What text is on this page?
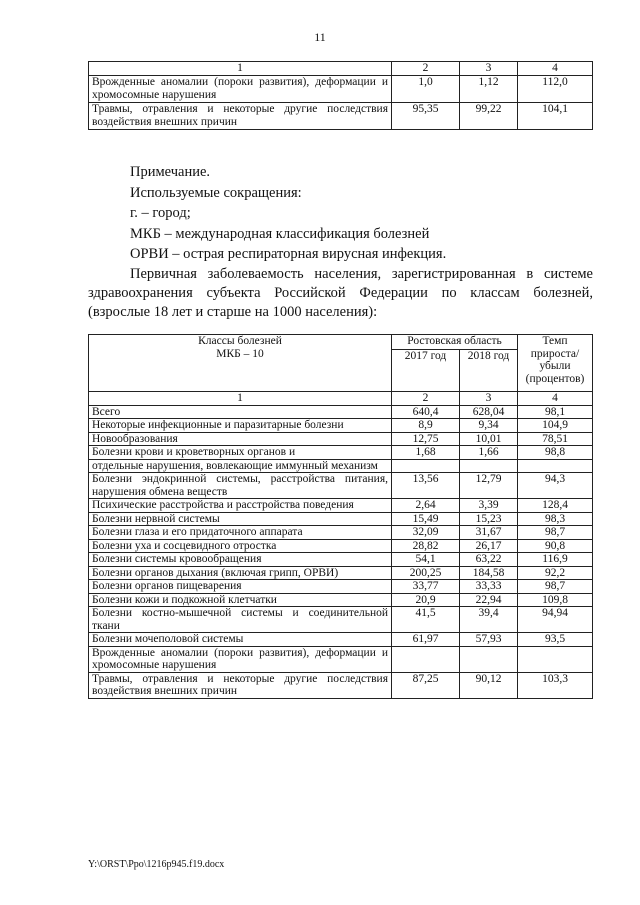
11
1	2	3	4
Врожденные аномалии (пороки развития), деформации и хромосомные нарушения	1,0	1,12	112,0
Травмы, отравления и некоторые другие последствия воздействия внешних причин	95,35	99,22	104,1
Примечание.
Используемые сокращения:
г. – город;
МКБ – международная классификация болезней
ОРВИ – острая респираторная вирусная инфекция.
Первичная заболеваемость населения, зарегистрированная в системе здравоохранения субъекта Российской Федерации по классам болезней, (взрослые 18 лет и старше на 1000 населения):
Классы болезней
МКБ – 10	Ростовская область		Темп прироста/ убыли (процентов)
	2017 год	2018 год	
1	2	3	4
Всего	640,4	628,04	98,1
Некоторые инфекционные и паразитарные болезни	8,9	9,34	104,9
Новообразования	12,75	10,01	78,51
Болезни крови и кроветворных органов и	1,68	1,66	98,8
отдельные нарушения, вовлекающие иммунный механизм			
Болезни эндокринной системы, расстройства питания, нарушения обмена веществ	13,56	12,79	94,3
Психические расстройства и расстройства поведения	2,64	3,39	128,4
Болезни нервной системы	15,49	15,23	98,3
Болезни глаза и его придаточного аппарата	32,09	31,67	98,7
Болезни уха и сосцевидного отростка	28,82	26,17	90,8
Болезни системы кровообращения	54,1	63,22	116,9
Болезни органов дыхания (включая грипп, ОРВИ)	200,25	184,58	92,2
Болезни органов пищеварения	33,77	33,33	98,7
Болезни кожи и подкожной клетчатки	20,9	22,94	109,8
Болезни костно-мышечной системы и соединительной ткани	41,5	39,4	94,94
Болезни мочеполовой системы	61,97	57,93	93,5
Врожденные аномалии (пороки развития), деформации и хромосомные нарушения			
Травмы, отравления и некоторые другие последствия воздействия внешних причин	87,25	90,12	103,3
Y:\ORST\Ppo\1216p945.f19.docx
